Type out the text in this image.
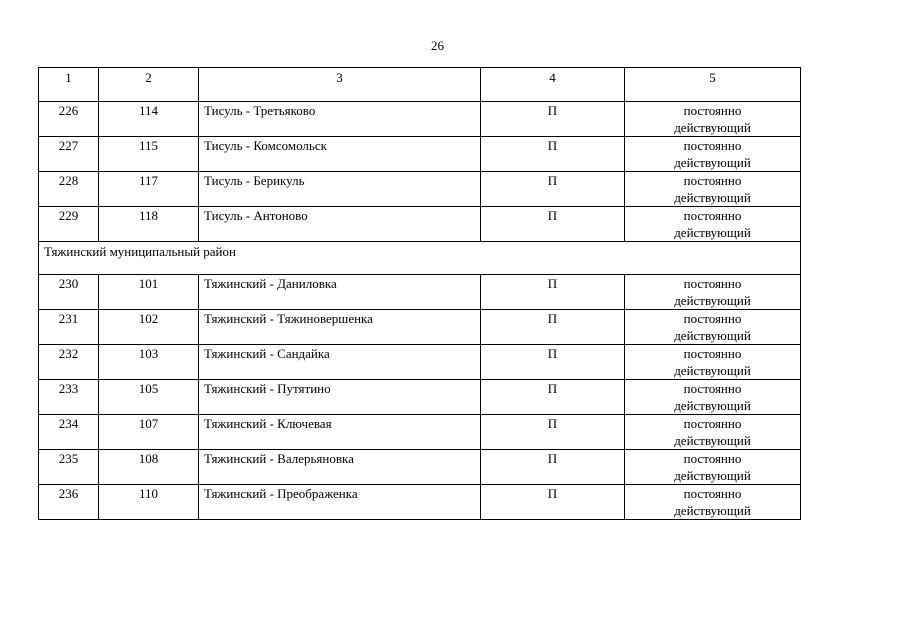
26
1	2	3	4	5
226	114	Тисуль - Третьяково	П	постоянно
действующий

227	115	Тисуль - Комсомольск	П	постоянно
действующий

228	117	Тисуль - Берикуль	П	постоянно
действующий

229	118	Тисуль - Антоново	П	постоянно
действующий

Тяжинский муниципальный район				
230	101	Тяжинский - Даниловка	П	постоянно
действующий

231	102	Тяжинский - Тяжиновершенка	П	постоянно
действующий

232	103	Тяжинский - Сандайка	П	постоянно
действующий

233	105	Тяжинский - Путятино	П	постоянно
действующий

234	107	Тяжинский - Ключевая	П	постоянно
действующий

235	108	Тяжинский - Валерьяновка	П	постоянно
действующий

236	110	Тяжинский - Преображенка	П	постоянно
действующий
